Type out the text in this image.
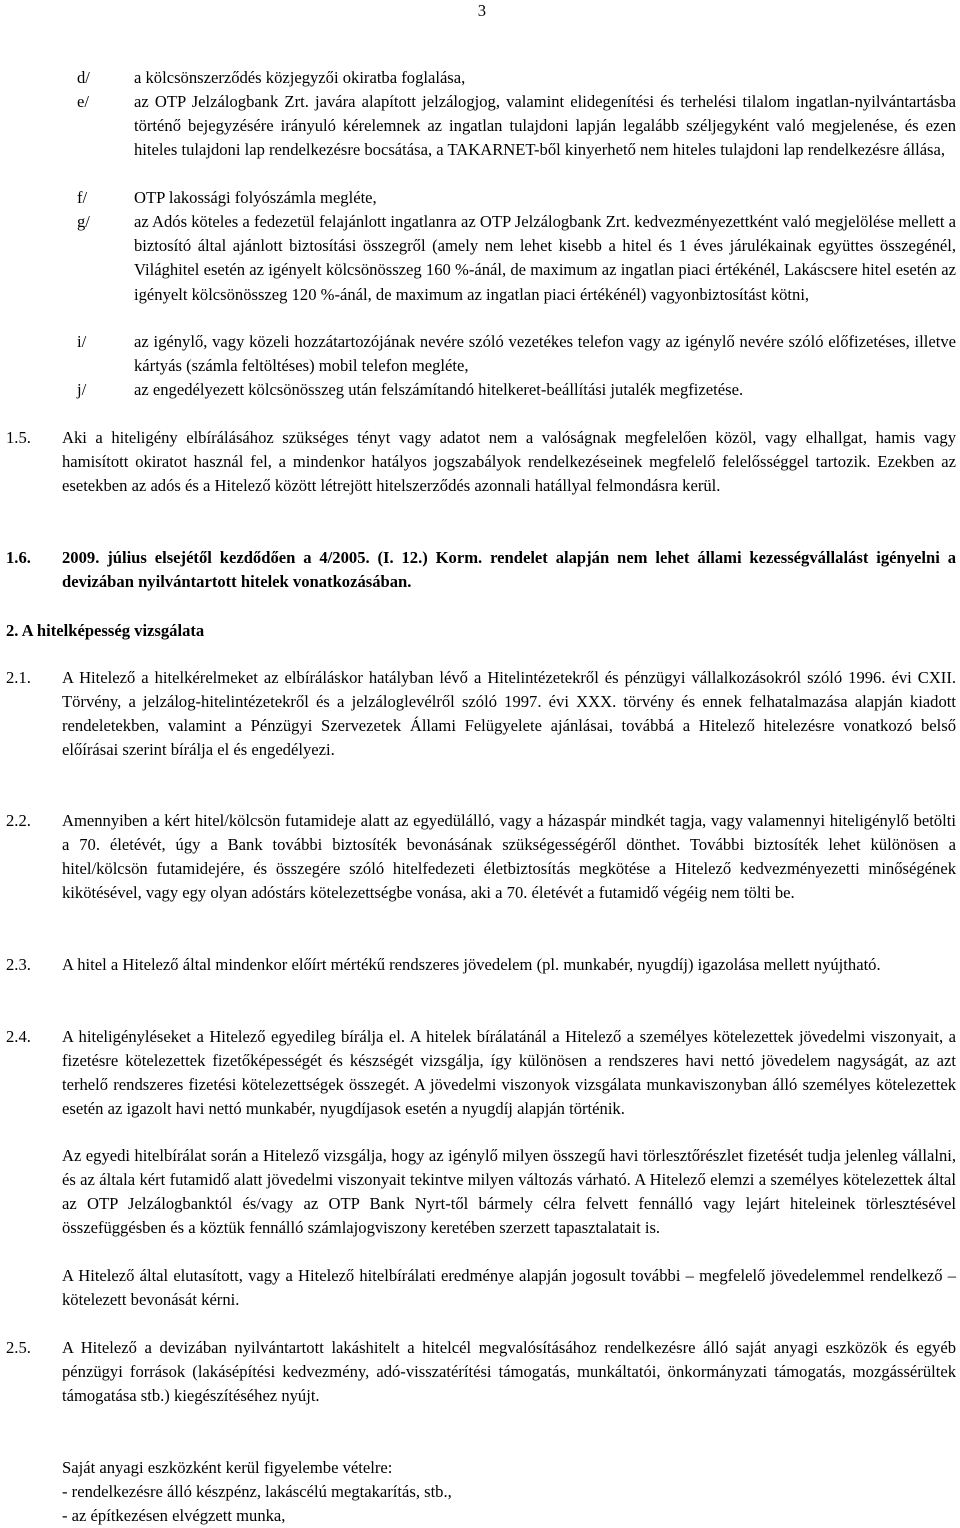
3
d/	a kölcsönszerződés közjegyzői okiratba foglalása,
e/	az OTP Jelzálogbank Zrt. javára alapított jelzálogjog, valamint elidegenítési és terhelési tilalom ingatlan-nyilvántartásba történő bejegyzésére irányuló kérelemnek az ingatlan tulajdoni lapján legalább széljegyként való megjelenése, és ezen hiteles tulajdoni lap rendelkezésre bocsátása, a TAKARNET-ből kinyerhető nem hiteles tulajdoni lap rendelkezésre állása,
f/	OTP lakossági folyószámla megléte,
g/	az Adós köteles a fedezetül felajánlott ingatlanra az OTP Jelzálogbank Zrt. kedvezményezettként való megjelölése mellett a biztosító által ajánlott biztosítási összegről (amely nem lehet kisebb a hitel és 1 éves járulékainak együttes összegénél, Világhitel esetén az igényelt kölcsönösszeg 160 %-ánál, de maximum az ingatlan piaci értékénél, Lakáscsere hitel esetén az igényelt kölcsönösszeg 120 %-ánál, de maximum az ingatlan piaci értékénél) vagyonbiztosítást kötni,
i/	az igénylő, vagy közeli hozzátartozójának nevére szóló vezetékes telefon vagy az igénylő nevére szóló előfizetéses, illetve kártyás (számla feltöltéses) mobil telefon megléte,
j/	az engedélyezett kölcsönösszeg után felszámítandó hitelkeret-beállítási jutalék megfizetése.
1.5. Aki a hiteligény elbírálásához szükséges tényt vagy adatot nem a valóságnak megfelelően közöl, vagy elhallgat, hamis vagy hamisított okiratot használ fel, a mindenkor hatályos jogszabályok rendelkezéseinek megfelelő felelősséggel tartozik. Ezekben az esetekben az adós és a Hitelező között létrejött hitelszerződés azonnali hatállyal felmondásra kerül.
1.6. 2009. július elsejétől kezdődően a 4/2005. (I. 12.) Korm. rendelet alapján nem lehet állami kezességvállalást igényelni a devizában nyilvántartott hitelek vonatkozásában.
2. A hitelképesség vizsgálata
2.1. A Hitelező a hitelkérelmeket az elbíráláskor hatályban lévő a Hitelintézetekről és pénzügyi vállalkozásokról szóló 1996. évi CXII. Törvény, a jelzálog-hitelintézetekről és a jelzáloglevélről szóló 1997. évi XXX. törvény és ennek felhatalmazása alapján kiadott rendeletekben, valamint a Pénzügyi Szervezetek Állami Felügyelete ajánlásai, továbbá a Hitelező hitelezésre vonatkozó belső előírásai szerint bírálja el és engedélyezi.
2.2. Amennyiben a kért hitel/kölcsön futamideje alatt az egyedülálló, vagy a házaspár mindkét tagja, vagy valamennyi hiteligénylő betölti a 70. életévét, úgy a Bank további biztosíték bevonásának szükségességéről dönthet. További biztosíték lehet különösen a hitel/kölcsön futamidejére, és összegére szóló hitelfedezeti életbiztosítás megkötése a Hitelező kedvezményezetti minőségének kikötésével, vagy egy olyan adóstárs kötelezettségbe vonása, aki a 70. életévét a futamidő végéig nem tölti be.
2.3. A hitel a Hitelező által mindenkor előírt mértékű rendszeres jövedelem (pl. munkabér, nyugdíj) igazolása mellett nyújtható.
2.4. A hiteligényléseket a Hitelező egyedileg bírálja el. A hitelek bírálatánál a Hitelező a személyes kötelezettek jövedelmi viszonyait, a fizetésre kötelezettek fizetőképességét és készségét vizsgálja, így különösen a rendszeres havi nettó jövedelem nagyságát, az azt terhelő rendszeres fizetési kötelezettségek összegét. A jövedelmi viszonyok vizsgálata munkaviszonyban álló személyes kötelezettek esetén az igazolt havi nettó munkabér, nyugdíjasok esetén a nyugdíj alapján történik.
Az egyedi hitelbírálat során a Hitelező vizsgálja, hogy az igénylő milyen összegű havi törlesztőrészlet fizetését tudja jelenleg vállalni, és az általa kért futamidő alatt jövedelmi viszonyait tekintve milyen változás várható. A Hitelező elemzi a személyes kötelezettek által az OTP Jelzálogbanktól és/vagy az OTP Bank Nyrt-től bármely célra felvett fennálló vagy lejárt hiteleinek törlesztésével összefüggésben és a köztük fennálló számlajogviszony keretében szerzett tapasztalatait is.
A Hitelező által elutasított, vagy a Hitelező hitelbírálati eredménye alapján jogosult további – megfelelő jövedelemmel rendelkező – kötelezett bevonását kérni.
2.5. A Hitelező a devizában nyilvántartott lakáshitelt a hitelcél megvalósításához rendelkezésre álló saját anyagi eszközök és egyéb pénzügyi források (lakásépítési kedvezmény, adó-visszatérítési támogatás, munkáltatói, önkormányzati támogatás, mozgássérültek támogatása stb.) kiegészítéséhez nyújt.
Saját anyagi eszközként kerül figyelembe vételre:
- rendelkezésre álló készpénz, lakáscélú megtakarítás, stb.,
- az építkezésen elvégzett munka,
